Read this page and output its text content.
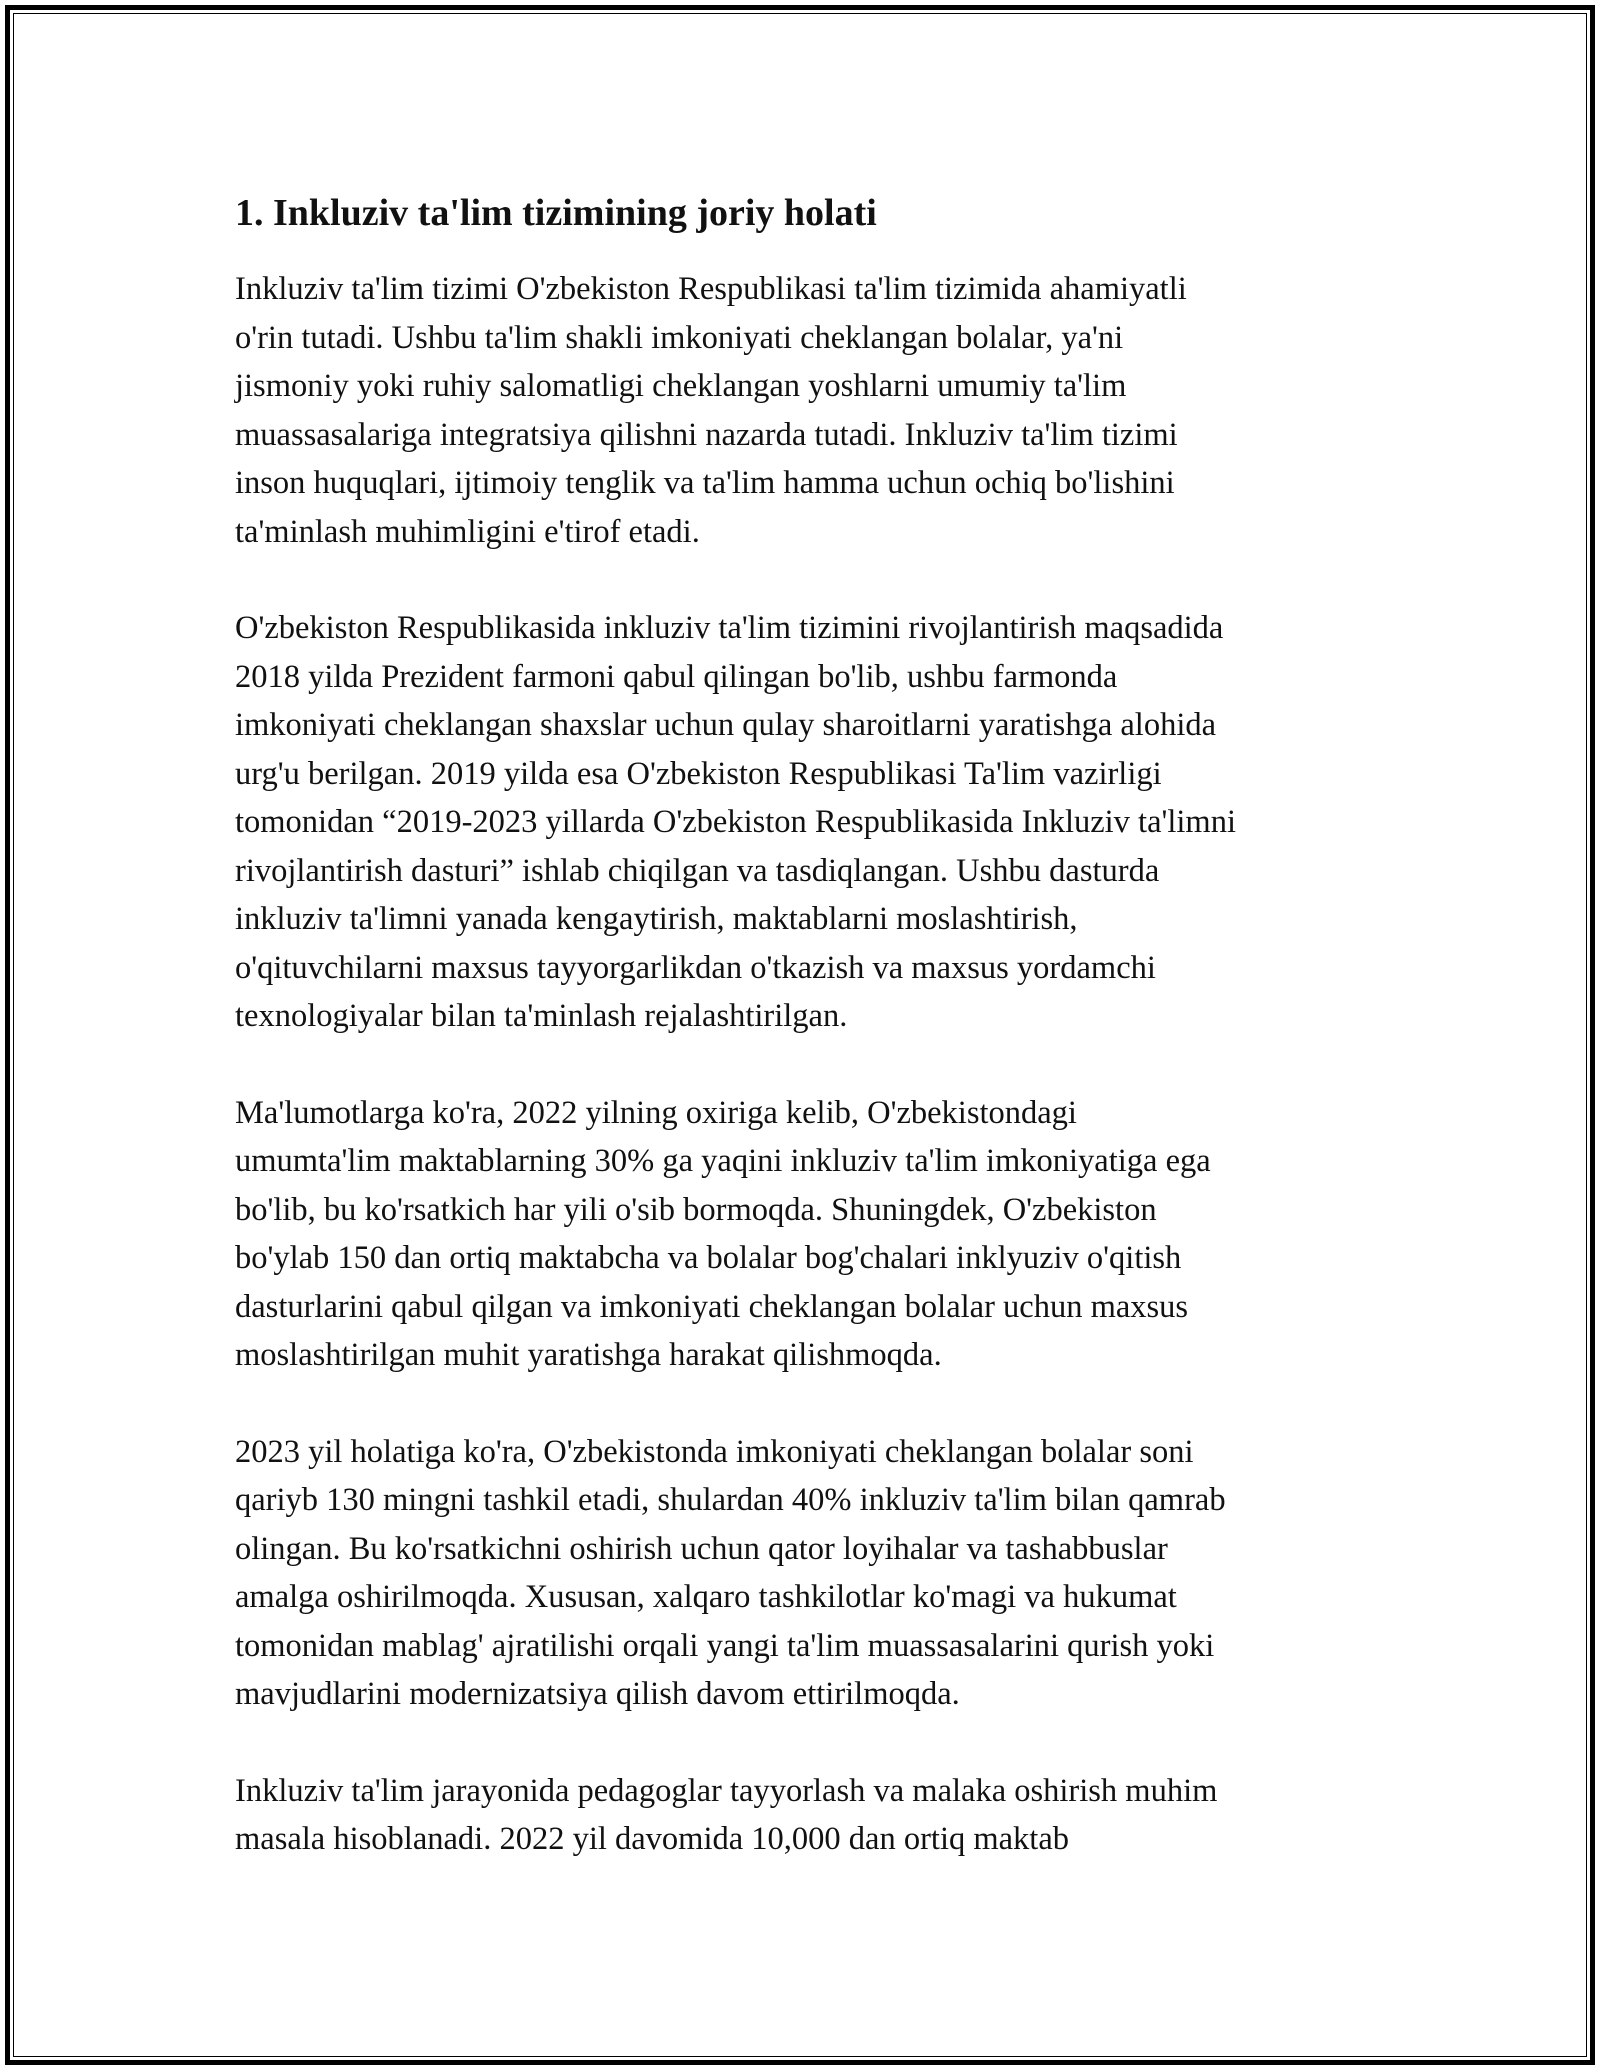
1. Inkluziv ta'lim tizimining joriy holati

Inkluziv ta'lim tizimi O'zbekiston Respublikasi ta'lim tizimida ahamiyatli
o'rin tutadi. Ushbu ta'lim shakli imkoniyati cheklangan bolalar, ya'ni
jismoniy yoki ruhiy salomatligi cheklangan yoshlarni umumiy ta'lim
muassasalariga integratsiya qilishni nazarda tutadi. Inkluziv ta'lim tizimi
inson huquqlari, ijtimoiy tenglik va ta'lim hamma uchun ochiq bo'lishini
ta'minlash muhimligini e'tirof etadi.

O'zbekiston Respublikasida inkluziv ta'lim tizimini rivojlantirish maqsadida
2018 yilda Prezident farmoni qabul qilingan bo'lib, ushbu farmonda
imkoniyati cheklangan shaxslar uchun qulay sharoitlarni yaratishga alohida
urg'u berilgan. 2019 yilda esa O'zbekiston Respublikasi Ta'lim vazirligi
tomonidan “2019-2023 yillarda O'zbekiston Respublikasida Inkluziv ta'limni
rivojlantirish dasturi” ishlab chiqilgan va tasdiqlangan. Ushbu dasturda
inkluziv ta'limni yanada kengaytirish, maktablarni moslashtirish,
o'qituvchilarni maxsus tayyorgarlikdan o'tkazish va maxsus yordamchi
texnologiyalar bilan ta'minlash rejalashtirilgan.

Ma'lumotlarga ko'ra, 2022 yilning oxiriga kelib, O'zbekistondagi
umumta'lim maktablarning 30% ga yaqini inkluziv ta'lim imkoniyatiga ega
bo'lib, bu ko'rsatkich har yili o'sib bormoqda. Shuningdek, O'zbekiston
bo'ylab 150 dan ortiq maktabcha va bolalar bog'chalari inklyuziv o'qitish
dasturlarini qabul qilgan va imkoniyati cheklangan bolalar uchun maxsus
moslashtirilgan muhit yaratishga harakat qilishmoqda.

2023 yil holatiga ko'ra, O'zbekistonda imkoniyati cheklangan bolalar soni
qariyb 130 mingni tashkil etadi, shulardan 40% inkluziv ta'lim bilan qamrab
olingan. Bu ko'rsatkichni oshirish uchun qator loyihalar va tashabbuslar
amalga oshirilmoqda. Xususan, xalqaro tashkilotlar ko'magi va hukumat
tomonidan mablag' ajratilishi orqali yangi ta'lim muassasalarini qurish yoki
mavjudlarini modernizatsiya qilish davom ettirilmoqda.

Inkluziv ta'lim jarayonida pedagoglar tayyorlash va malaka oshirish muhim
masala hisoblanadi. 2022 yil davomida 10,000 dan ortiq maktab
